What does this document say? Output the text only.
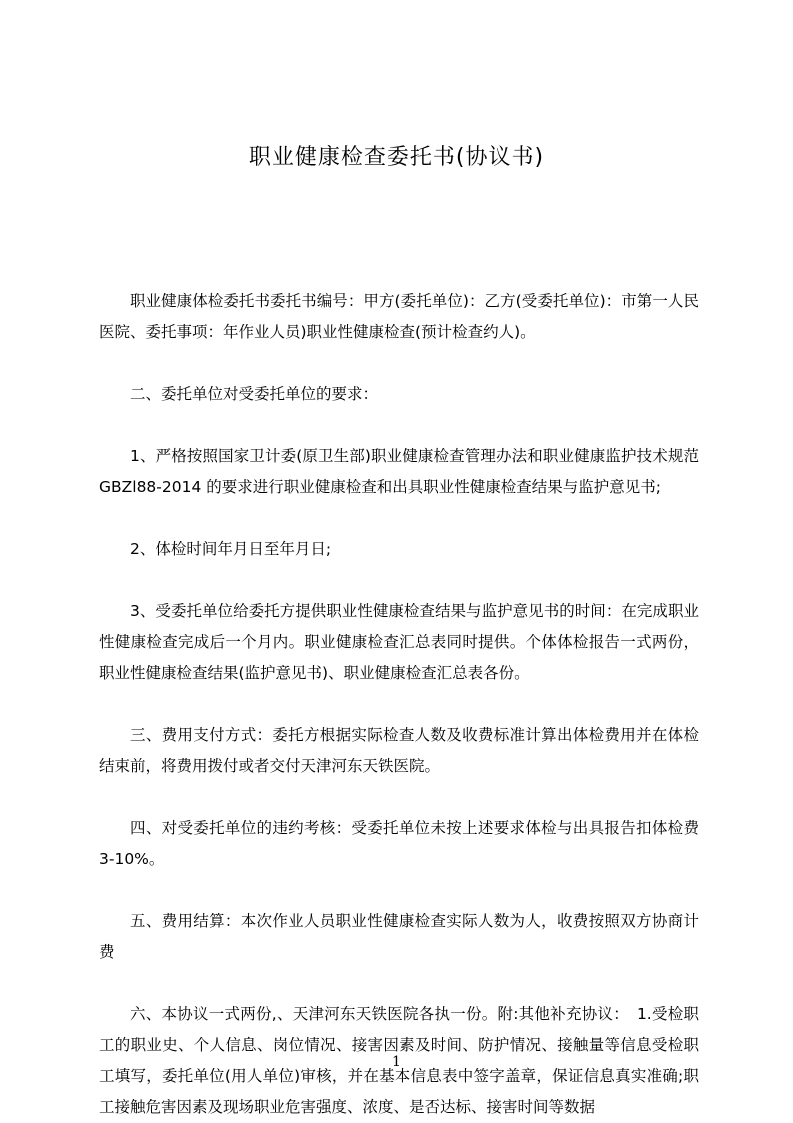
职业健康检查委托书(协议书)

职业健康体检委托书委托书编号：甲方(委托单位)：乙方(受委托单位)：市第一人民医院、委托事项：年作业人员)职业性健康检查(预计检查约人)。

二、委托单位对受委托单位的要求：

1、严格按照国家卫计委(原卫生部)职业健康检查管理办法和职业健康监护技术规范 GBZl88-2014 的要求进行职业健康检查和出具职业性健康检查结果与监护意见书;

2、体检时间年月日至年月日;

3、受委托单位给委托方提供职业性健康检查结果与监护意见书的时间：在完成职业性健康检查完成后一个月内。职业健康检查汇总表同时提供。个体体检报告一式两份，职业性健康检查结果(监护意见书)、职业健康检查汇总表各份。

三、费用支付方式：委托方根据实际检查人数及收费标准计算出体检费用并在体检结束前，将费用拨付或者交付天津河东天铁医院。

四、对受委托单位的违约考核：受委托单位未按上述要求体检与出具报告扣体检费 3-10%。

五、费用结算：本次作业人员职业性健康检查实际人数为人，收费按照双方协商计费

六、本协议一式两份,、天津河东天铁医院各执一份。附:其他补充协议：　1.受检职工的职业史、个人信息、岗位情况、接害因素及时间、防护情况、接触量等信息受检职工填写，委托单位(用人单位)审核，并在基本信息表中签字盖章，保证信息真实准确;职工接触危害因素及现场职业危害强度、浓度、是否达标、接害时间等数据

1
